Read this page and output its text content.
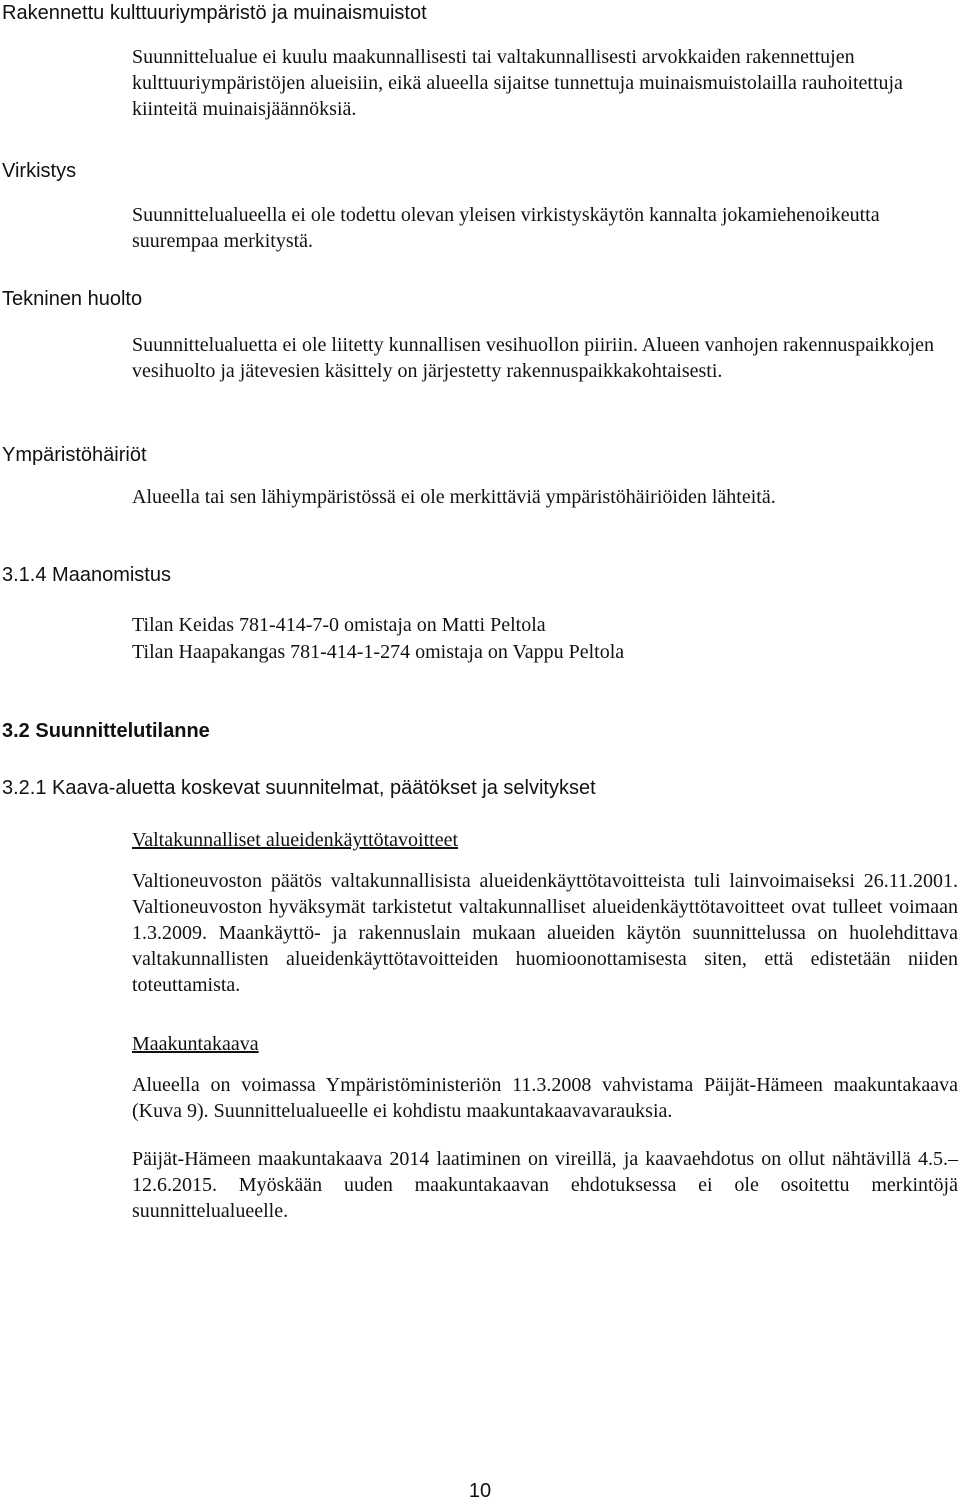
Rakennettu kulttuuriympäristö ja muinaismuistot

Suunnittelualue ei kuulu maakunnallisesti tai valtakunnallisesti arvokkaiden rakennettujen kulttuuriympäristöjen alueisiin, eikä alueella sijaitse tunnettuja muinaismuistolailla rauhoitettuja kiinteitä muinaisjäännöksiä.

Virkistys

Suunnittelualueella ei ole todettu olevan yleisen virkistyskäytön kannalta jokamiehenoikeutta suurempaa merkitystä.

Tekninen huolto

Suunnittelualuetta ei ole liitetty kunnallisen vesihuollon piiriin. Alueen vanhojen rakennuspaikkojen vesihuolto ja jätevesien käsittely on järjestetty rakennuspaikkakohtaisesti.

Ympäristöhäiriöt

Alueella tai sen lähiympäristössä ei ole merkittäviä ympäristöhäiriöiden lähteitä.

3.1.4 Maanomistus

Tilan Keidas 781-414-7-0 omistaja on Matti Peltola

Tilan Haapakangas 781-414-1-274 omistaja on Vappu Peltola

3.2 Suunnittelutilanne

3.2.1 Kaava-aluetta koskevat suunnitelmat, päätökset ja selvitykset

Valtakunnalliset alueidenkäyttötavoitteet

Valtioneuvoston päätös valtakunnallisista alueidenkäyttötavoitteista tuli lainvoimaiseksi 26.11.2001. Valtioneuvoston hyväksymät tarkistetut valtakunnalliset alueidenkäyttötavoitteet ovat tulleet voimaan 1.3.2009. Maankäyttö- ja rakennuslain mukaan alueiden käytön suunnittelussa on huolehdittava valtakunnallisten alueidenkäyttötavoitteiden huomioonottamisesta siten, että edistetään niiden toteuttamista.

Maakuntakaava

Alueella on voimassa Ympäristöministeriön 11.3.2008 vahvistama Päijät-Hämeen maakuntakaava (Kuva 9). Suunnittelualueelle ei kohdistu maakuntakaavavarauksia.

Päijät-Hämeen maakuntakaava 2014 laatiminen on vireillä, ja kaavaehdotus on ollut nähtävillä 4.5.–12.6.2015. Myöskään uuden maakuntakaavan ehdotuksessa ei ole osoitettu merkintöjä suunnittelualueelle.

10
